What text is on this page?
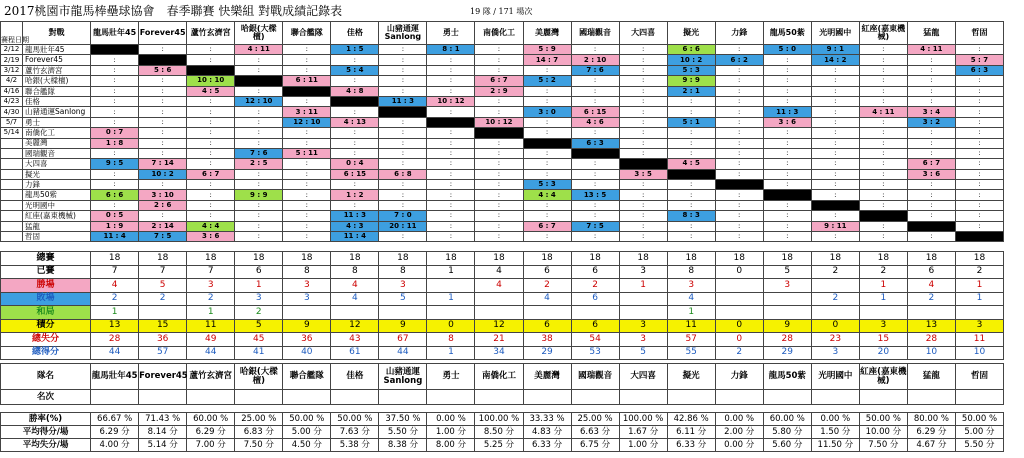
2017桃園市龍馬棒壘球協會　春季聯賽 快樂組 對戰成績記錄表	19 隊 / 171 場次
賽程日期	對戰	龍馬壯年45	Forever45	蘆竹玄濟宮	哈銀(大樑檀)	聯合艦隊	佳格	山豬通運Sanlong	勇士	南僑化工	美麗灣	國瑞觀音	大四喜	擬光	力鋒	龍馬50紫	光明國中	紅座(嘉東機械)	猛龍	哲固
2/12	龍馬壯年45		:	:	4 : 11	:	1 : 5	:	8 : 1	:	5 : 9	:	:	6 : 6	:	5 : 0	9 : 1	:	4 : 11	:

2/19	Forever45	:		:	:	:	:	:	:	:	14 : 7	2 : 10	:	10 : 2	6 : 2	:	14 : 2	:	:	5 : 7

3/12	蘆竹玄濟宮	:	5 : 6		:	:	5 : 4	:	:	:	:	7 : 6	:	5 : 3	:	:	:	:	:	6 : 3

4/2	哈銀(大樑檀)	:	:	10 : 10		6 : 11	:	:	:	6 : 7	5 : 2	:	:	9 : 9	:	:	:	:	:	:

4/16	聯合艦隊	:	:	4 : 5	:		4 : 8	:	:	2 : 9	:	:	:	2 : 1	:	:	:	:	:	:

4/23	佳格	:	:	:	12 : 10	:		11 : 3	10 : 12	:	:	:	:	:	:	:	:	:	:	:

4/30	山豬通運Sanlong	:	:	:	:	3 : 11	:		:	:	3 : 0	6 : 15	:	:	:	11 : 3	:	4 : 11	3 : 4	:

5/7	勇士	:	:	:	:	12 : 10	4 : 13	:		10 : 12	:	4 : 6	:	5 : 1	:	3 : 6	:	:	3 : 2	:

5/14	南僑化工	0 : 7	:	:	:	:	:	:	:		:	:	:	:	:	:	:	:	:	:

	美麗灣	1 : 8	:	:	:	:	:	:	:	:		6 : 3	:	:	:	:	:	:	:	:

	國瑞觀音	:	:	:	7 : 6	5 : 11	:	:	:	:	:		:	:	:	:	:	:	:	:

	大四喜	9 : 5	7 : 14	:	2 : 5	:	0 : 4	:	:	:	:	:		4 : 5	:	:	:	:	6 : 7	:

	擬光	:	10 : 2	6 : 7	:	:	6 : 15	6 : 8	:	:	:	:	3 : 5	2 : 3	:	:	:	:	3 : 6	:

	力鋒	:	:	:	:	:	:	:	:	:	5 : 3	:	:	:		:	:	:	:	:

	龍馬50紫	6 : 6	3 : 10	:	9 : 9	:	1 : 2	:	:	:	4 : 4	13 : 5	:	:	:	3 : 8	:	:	:	:

	光明國中	:	2 : 6	:	:	:	:	:	:	:	:	:	:	:	:	:		:	:	:

	紅座(嘉東機械)	0 : 5	:	:	:	:	11 : 3	7 : 0	:	:	:	:	:	8 : 3	:	:	:	11 : 9	:	:

	猛龍	1 : 9	2 : 14	4 : 4	:	:	4 : 3	20 : 11	:	:	6 : 7	7 : 5	:	:	:	:	9 : 11	:		:

	哲固	11 : 4	7 : 5	3 : 6	:	:	11 : 4	:	:	:	:	:	:	:	:	:	:	:	:	

總賽	18	18	18	18	18	18	18	18	18	18	18	18	18	18	18	18	18	18	18
已賽	7	7	7	6	8	8	8	1	4	6	6	3	8	0	5	2	2	6	2
勝場	4	5	3	1	3	4	3		4	2	2	1	3		3		1	4	1
敗場	2	2	2	3	3	4	5	1		4	6		4			2	1	2	1
和局	1		1	2									1						
積分	13	15	11	5	9	12	9	0	12	6	6	3	11	0	9	0	3	13	3
總失分	28	36	49	45	36	43	67	8	21	38	54	3	57	0	28	23	15	28	11
總得分	44	57	44	41	40	61	44	1	34	29	53	5	55	2	29	3	20	10	10
隊名	龍馬壯年45	Forever45	蘆竹玄濟宮	哈銀(大樑檀)	聯合艦隊	佳格	山豬通運Sanlong	勇士	南僑化工	美麗灣	國瑞觀音	大四喜	擬光	力鋒	龍馬50紫	光明國中	紅座(嘉東機械)	猛龍	哲固
名次																			

勝率(%)	66.67 %	71.43 %	60.00 %	25.00 %	50.00 %	50.00 %	37.50 %	0.00 %	100.00 %	33.33 %	25.00 %	100.00 %	42.86 %	0.00 %	60.00 %	0.00 %	50.00 %	80.00 %	50.00 %
平均得分/場	6.29 分	8.14 分	6.29 分	6.83 分	5.00 分	7.63 分	5.50 分	1.00 分	8.50 分	4.83 分	6.63 分	1.67 分	6.11 分	2.00 分	5.80 分	1.50 分	10.00 分	6.29 分	5.00 分
平均失分/場	4.00 分	5.14 分	7.00 分	7.50 分	4.50 分	5.38 分	8.38 分	8.00 分	5.25 分	6.33 分	6.75 分	1.00 分	6.33 分	0.00 分	5.60 分	11.50 分	7.50 分	4.67 分	5.50 分
